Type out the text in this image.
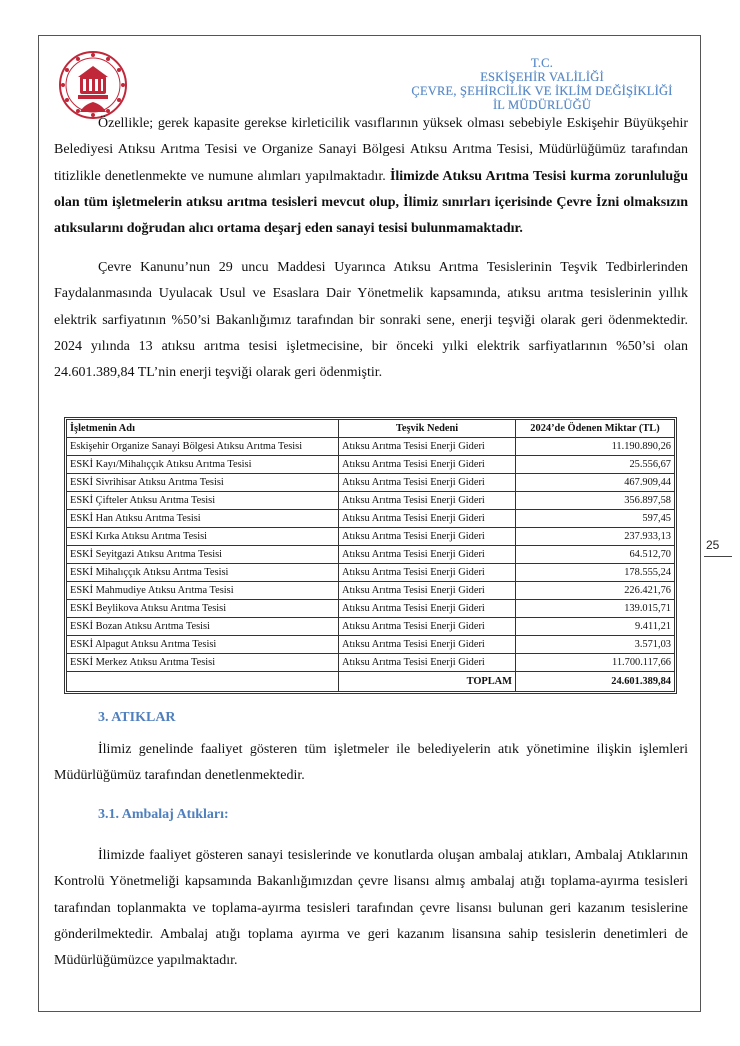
T.C.
ESKİŞEHİR VALİLİĞİ
ÇEVRE, ŞEHİRCİLİK VE İKLİM DEĞİŞİKLİĞİ
İL MÜDÜRLÜĞÜ
25
Özellikle; gerek kapasite gerekse kirleticilik vasıflarının yüksek olması sebebiyle Eskişehir Büyükşehir Belediyesi Atıksu Arıtma Tesisi ve Organize Sanayi Bölgesi Atıksu Arıtma Tesisi, Müdürlüğümüz tarafından titizlikle denetlenmekte ve numune alımları yapılmaktadır. İlimizde Atıksu Arıtma Tesisi kurma zorunluluğu olan tüm işletmelerin atıksu arıtma tesisleri mevcut olup, İlimiz sınırları içerisinde Çevre İzni olmaksızın atıksularını doğrudan alıcı ortama deşarj eden sanayi tesisi bulunmamaktadır.
Çevre Kanunu’nun 29 uncu Maddesi Uyarınca Atıksu Arıtma Tesislerinin Teşvik Tedbirlerinden Faydalanmasında Uyulacak Usul ve Esaslara Dair Yönetmelik kapsamında, atıksu arıtma tesislerinin yıllık elektrik sarfiyatının %50’si Bakanlığımız tarafından bir sonraki sene, enerji teşviği olarak geri ödenmektedir. 2024 yılında 13 atıksu arıtma tesisi işletmecisine, bir önceki yılki elektrik sarfiyatlarının %50’si olan 24.601.389,84 TL’nin enerji teşviği olarak geri ödenmiştir.
İşletmenin Adı	Teşvik Nedeni	2024’de Ödenen Miktar (TL)
Eskişehir Organize Sanayi Bölgesi Atıksu Arıtma Tesisi	Atıksu Arıtma Tesisi Enerji Gideri	11.190.890,26
ESKİ Kayı/Mihalıççık Atıksu Arıtma Tesisi	Atıksu Arıtma Tesisi Enerji Gideri	25.556,67
ESKİ Sivrihisar Atıksu Arıtma Tesisi	Atıksu Arıtma Tesisi Enerji Gideri	467.909,44
ESKİ Çifteler Atıksu Arıtma Tesisi	Atıksu Arıtma Tesisi Enerji Gideri	356.897,58
ESKİ Han Atıksu Arıtma Tesisi	Atıksu Arıtma Tesisi Enerji Gideri	597,45
ESKİ Kırka Atıksu Arıtma Tesisi	Atıksu Arıtma Tesisi Enerji Gideri	237.933,13
ESKİ Seyitgazi Atıksu Arıtma Tesisi	Atıksu Arıtma Tesisi Enerji Gideri	64.512,70
ESKİ Mihalıççık Atıksu Arıtma Tesisi	Atıksu Arıtma Tesisi Enerji Gideri	178.555,24
ESKİ Mahmudiye Atıksu Arıtma Tesisi	Atıksu Arıtma Tesisi Enerji Gideri	226.421,76
ESKİ Beylikova Atıksu Arıtma Tesisi	Atıksu Arıtma Tesisi Enerji Gideri	139.015,71
ESKİ Bozan Atıksu Arıtma Tesisi	Atıksu Arıtma Tesisi Enerji Gideri	9.411,21
ESKİ Alpagut Atıksu Arıtma Tesisi	Atıksu Arıtma Tesisi Enerji Gideri	3.571,03
ESKİ Merkez Atıksu Arıtma Tesisi	Atıksu Arıtma Tesisi Enerji Gideri	11.700.117,66
	TOPLAM	24.601.389,84
3. ATIKLAR
İlimiz genelinde faaliyet gösteren tüm işletmeler ile belediyelerin atık yönetimine ilişkin işlemleri Müdürlüğümüz tarafından denetlenmektedir.
3.1. Ambalaj Atıkları:
İlimizde faaliyet gösteren sanayi tesislerinde ve konutlarda oluşan ambalaj atıkları, Ambalaj Atıklarının Kontrolü Yönetmeliği kapsamında Bakanlığımızdan çevre lisansı almış ambalaj atığı toplama-ayırma tesisleri tarafından toplanmakta ve toplama-ayırma tesisleri tarafından çevre lisansı bulunan geri kazanım tesislerine gönderilmektedir. Ambalaj atığı toplama ayırma ve geri kazanım lisansına sahip tesislerin denetimleri de Müdürlüğümüzce yapılmaktadır.
